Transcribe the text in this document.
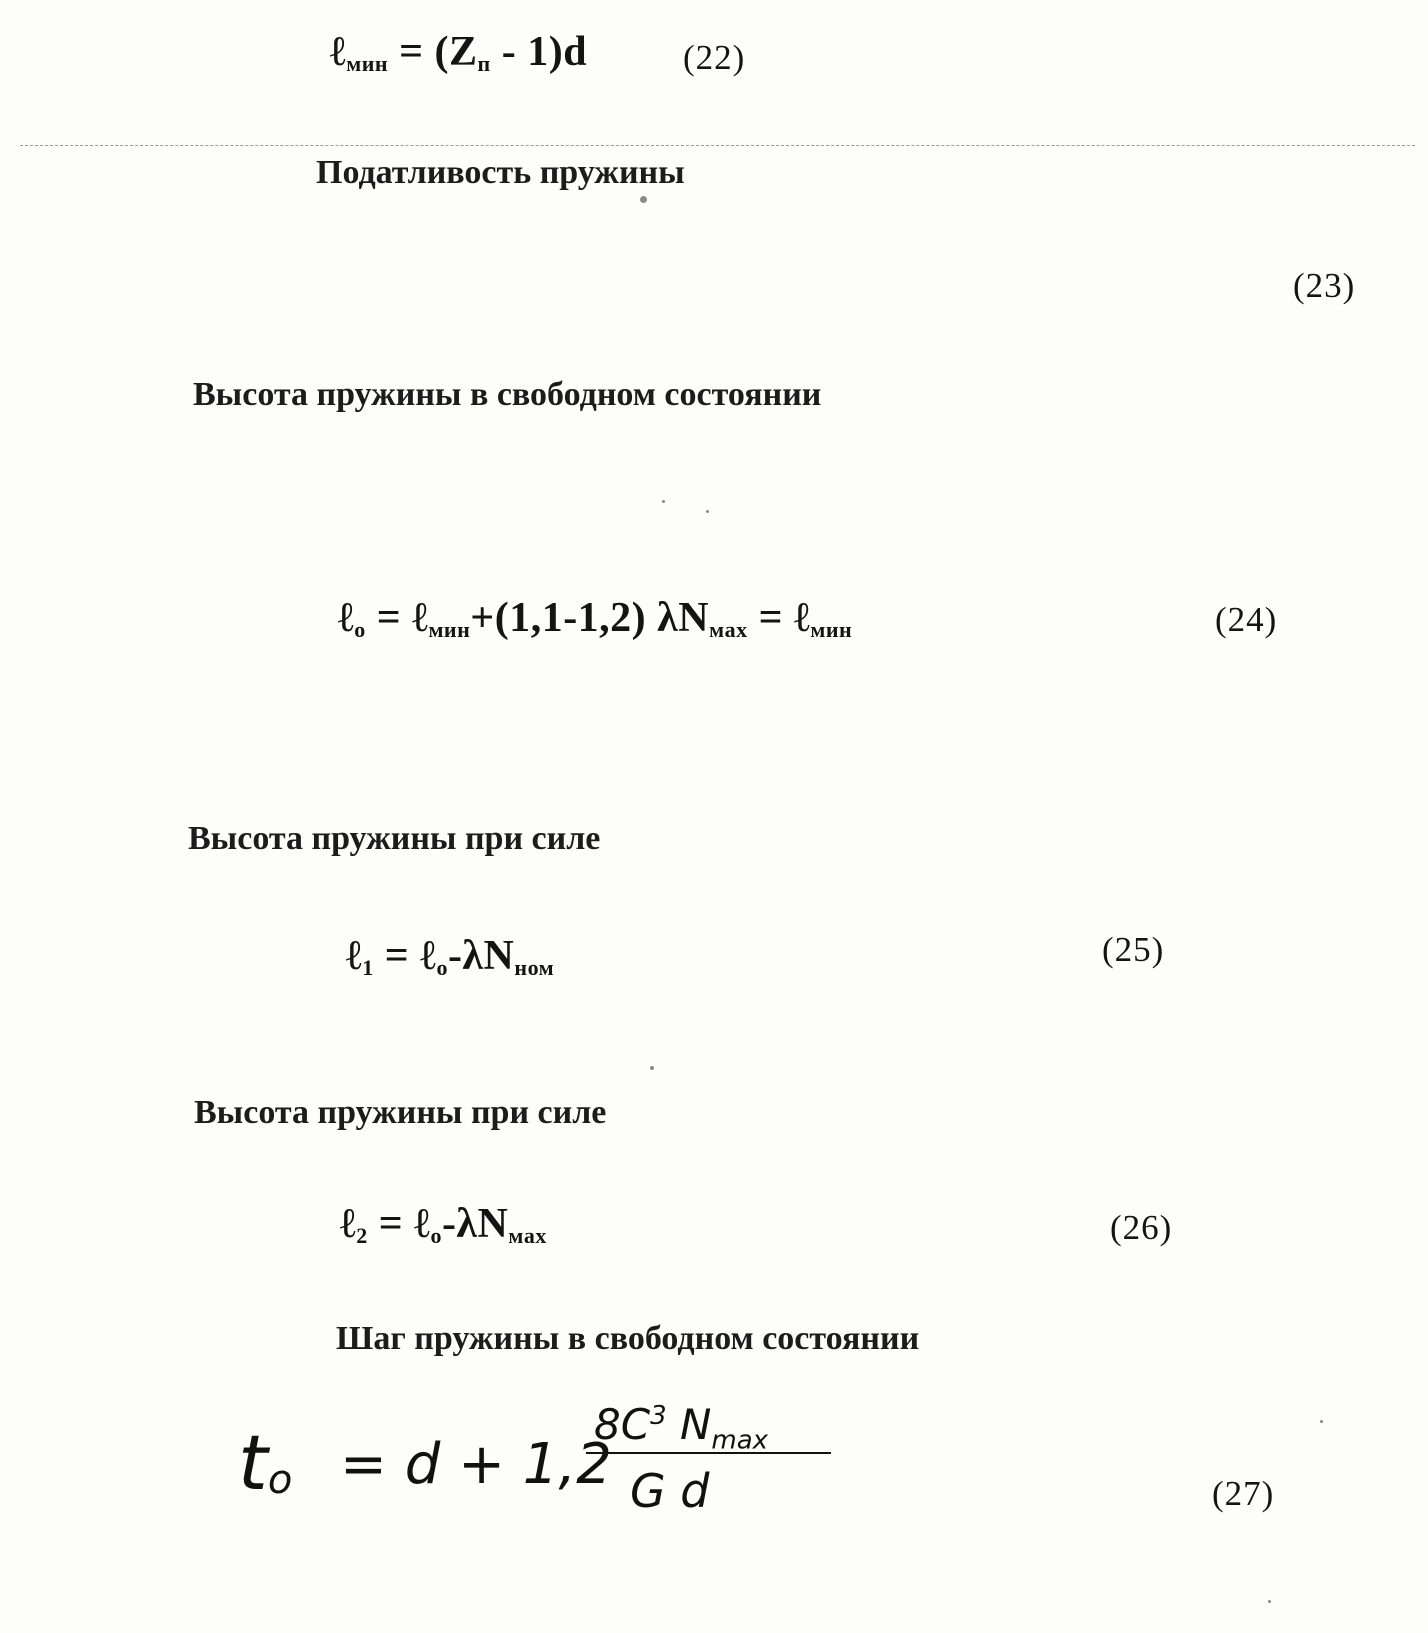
ℓ$_{мин}$ = $(Z_п - 1)d$	(22)
Податливость пружины
(23)
Высота пружины в свободном состоянии
ℓ$_o$ = ℓ$_{мин}$+(1,1-1,2) $\lambda N_{мax}$ = ℓ$_{мин}$	(24)
Высота пружины при силе
ℓ$_1$ = $\ell_o-\lambda N_{ном}$	(25)
Высота пружины при силе
ℓ$_2$ = $\ell_o-\lambda N_{мax}$	(26)
Шаг пружины в свободном состоянии
to = d + 1,2
$8C^3$ $N_{max}$
G d	(27)
